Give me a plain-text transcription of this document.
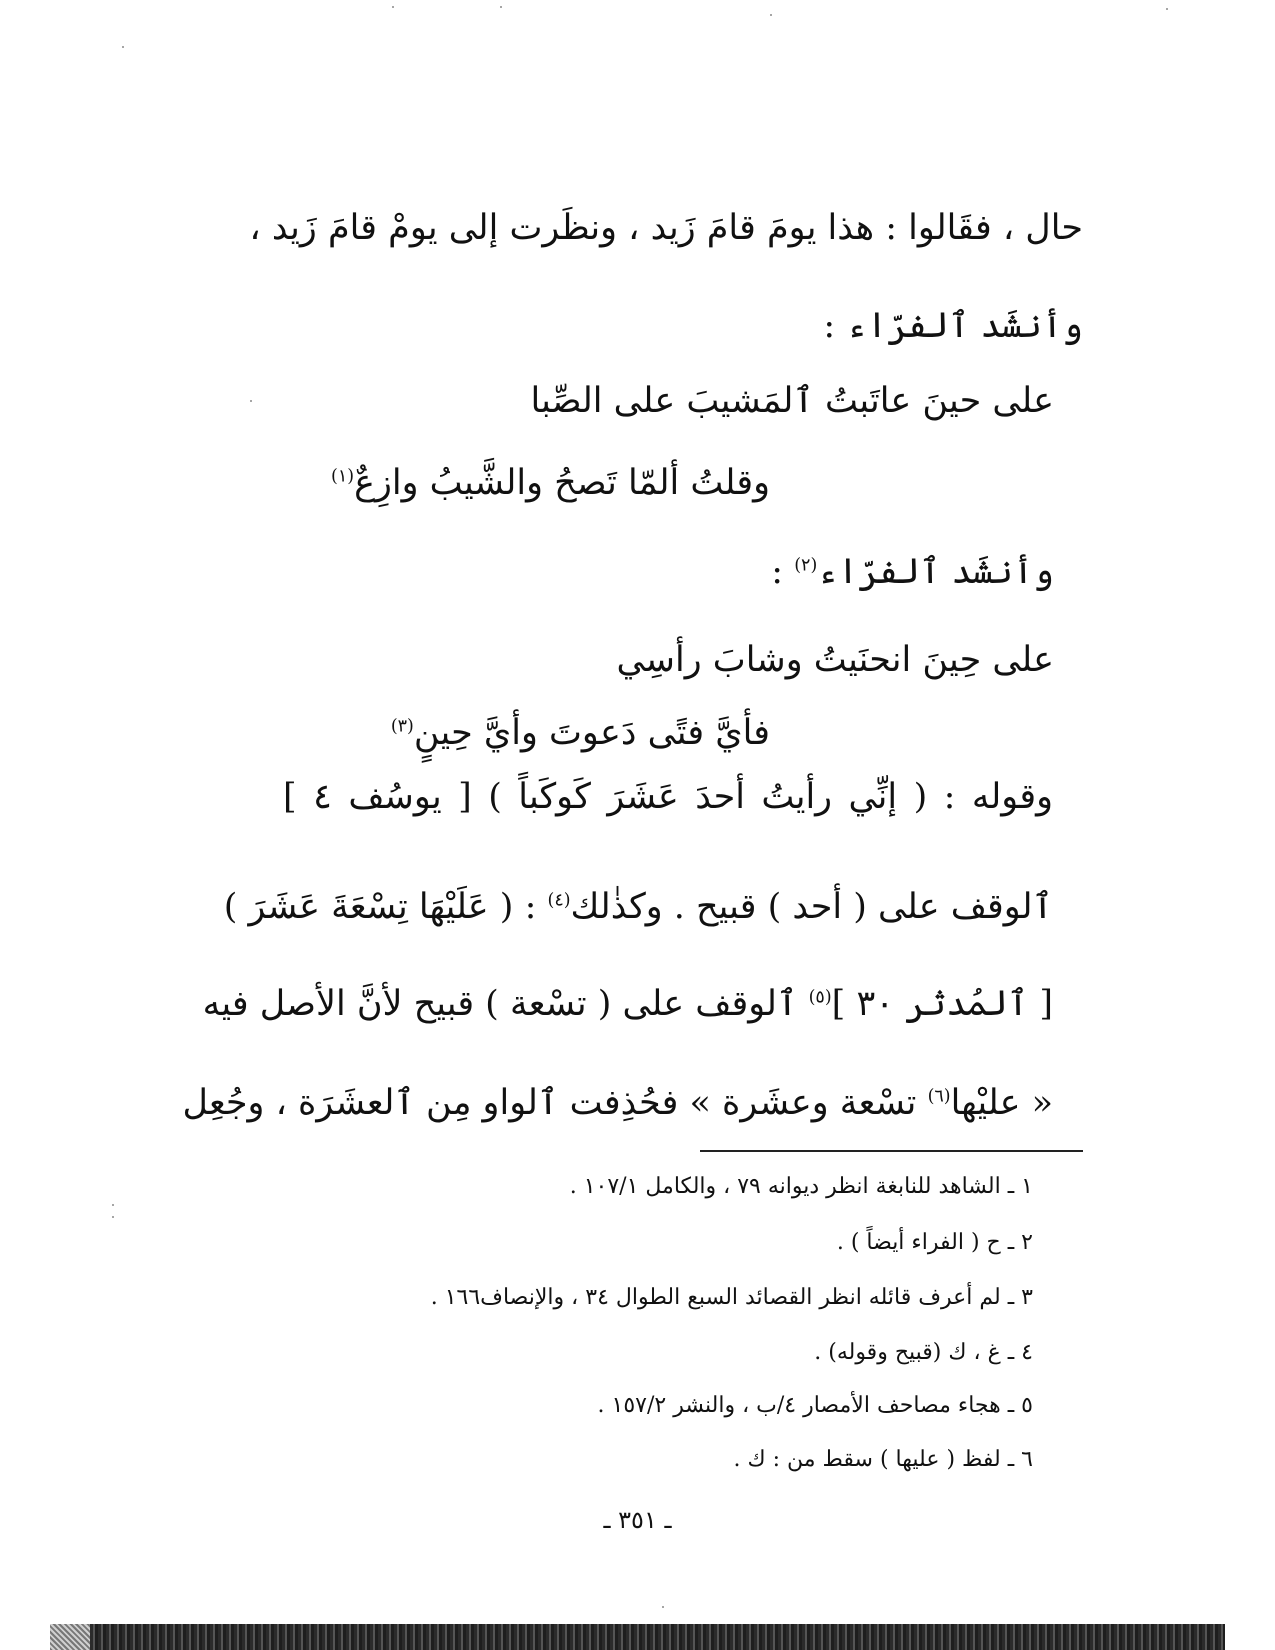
حال ، فقَالوا : هذا يومَ قامَ زَيد ، ونظَرت إلى يومْ قامَ زَيد ،
وأنشَد ٱلفرّاء :
على حينَ عاتَبتُ ٱلمَشيبَ على الصِّبا
وقلتُ ألمّا تَصحُ والشَّيبُ وازِعٌ$^{(١)}$
وأنشَد ٱلفرّاء$^{(٢)}$ :
على حِينَ انحنَيتُ وشابَ رأسِي
فأيَّ فتًى دَعوتَ وأيَّ حِينٍ$^{(٣)}$
وقوله : ( إنِّي رأيتُ أحدَ عَشَرَ كَوكَباً ) [ يوسُف ٤ ]
ٱلوقف على ( أحد ) قبيح . وكذٰلك$^{(٤)}$ : ( عَلَيْهَا تِسْعَةَ عَشَرَ )
[ ٱلمُدثر ٣٠ ]$^{(٥)}$ ٱلوقف على ( تسْعة ) قبيح لأنَّ الأصل فيه
« عليْها$^{(٦)}$ تسْعة وعشَرة » فحُذِفت ٱلواو مِن ٱلعشَرَة ، وجُعِل
١ ـ الشاهد للنابغة انظر ديوانه ٧٩ ، والكامل ١٠٧/١ .
٢ ـ ح ( الفراء أيضاً ) .
٣ ـ لم أعرف قائله انظر القصائد السبع الطوال ٣٤ ، والإنصاف١٦٦ .
٤ ـ غ ، ك (قبيح وقوله) .
٥ ـ هجاء مصاحف الأمصار ٤/ب ، والنشر ١٥٧/٢ .
٦ ـ لفظ ( عليها ) سقط من : ك .
ـ ٣٥١ ـ
